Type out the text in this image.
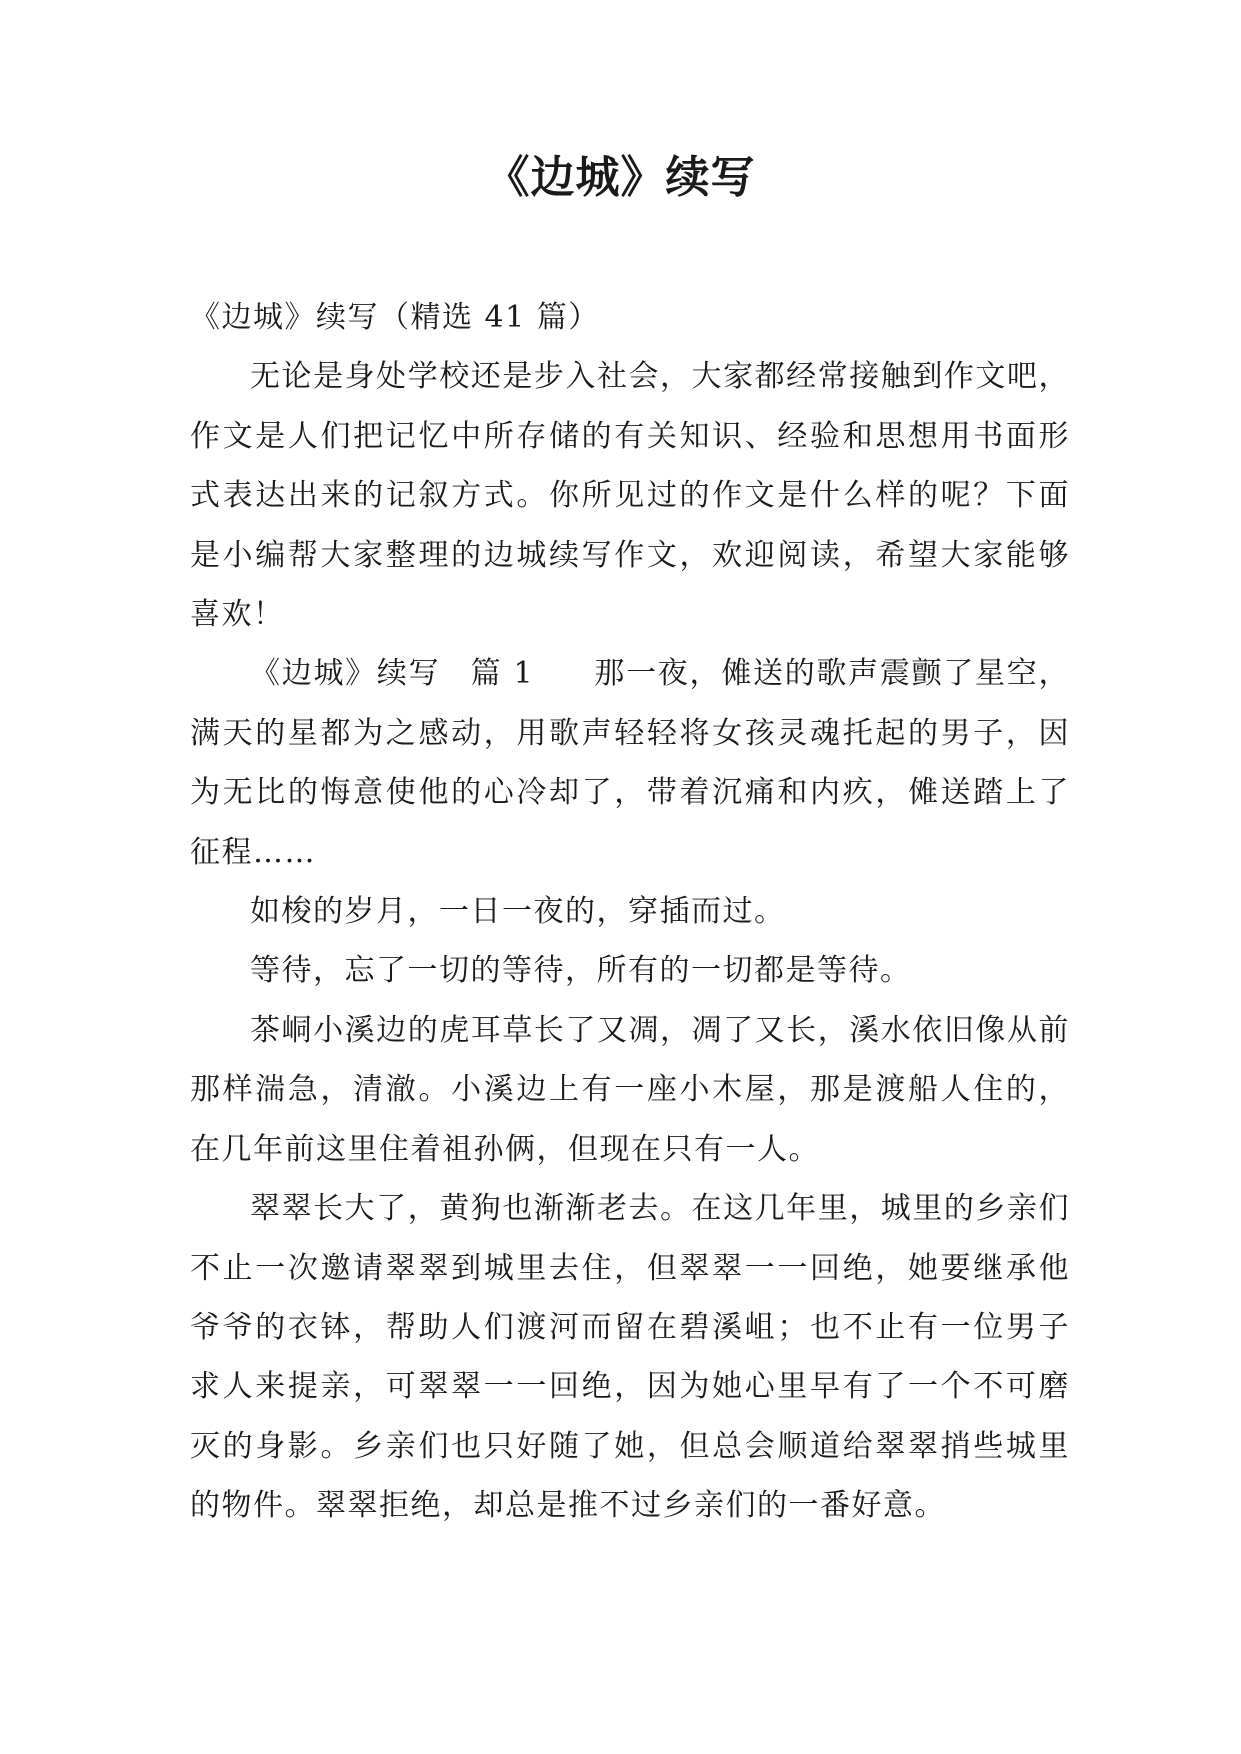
《边城》续写

《边城》续写（精选 41 篇）

无论是身处学校还是步入社会，大家都经常接触到作文吧，作文是人们把记忆中所存储的有关知识、经验和思想用书面形式表达出来的记叙方式。你所见过的作文是什么样的呢？下面是小编帮大家整理的边城续写作文，欢迎阅读，希望大家能够喜欢！

《边城》续写 篇 1 那一夜，傩送的歌声震颤了星空，满天的星都为之感动，用歌声轻轻将女孩灵魂托起的男子，因为无比的悔意使他的心冷却了，带着沉痛和内疚，傩送踏上了征程……

如梭的岁月，一日一夜的，穿插而过。

等待，忘了一切的等待，所有的一切都是等待。

茶峒小溪边的虎耳草长了又凋，凋了又长，溪水依旧像从前那样湍急，清澈。小溪边上有一座小木屋，那是渡船人住的，在几年前这里住着祖孙俩，但现在只有一人。

翠翠长大了，黄狗也渐渐老去。在这几年里，城里的乡亲们不止一次邀请翠翠到城里去住，但翠翠一一回绝，她要继承他爷爷的衣钵，帮助人们渡河而留在碧溪岨；也不止有一位男子求人来提亲，可翠翠一一回绝，因为她心里早有了一个不可磨灭的身影。乡亲们也只好随了她，但总会顺道给翠翠捎些城里的物件。翠翠拒绝，却总是推不过乡亲们的一番好意。
